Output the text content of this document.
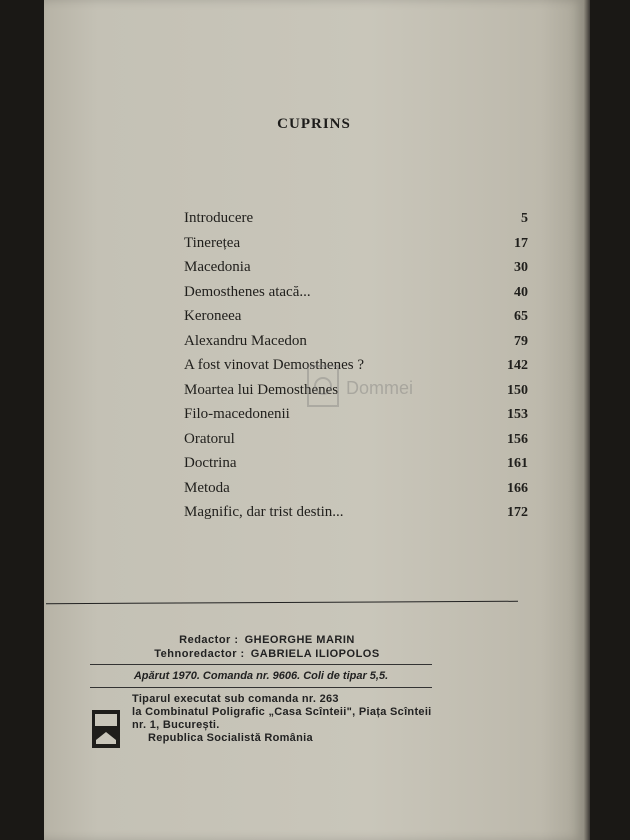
CUPRINS
Introducere	5
Tinerețea	17
Macedonia	30
Demosthenes atacă...	40
Keroneea	65
Alexandru Macedon	79
A fost vinovat Demosthenes ?	142
Moartea lui Demosthenes	150
Filo-macedonenii	153
Oratorul	156
Doctrina	161
Metoda	166
Magnific, dar trist destin...	172
Dommei
Redactor : GHEORGHE MARIN
Tehnoredactor : GABRIELA ILIOPOLOS
Apărut 1970. Comanda nr. 9606. Coli de tipar 5,5.
Tiparul executat sub comanda nr. 263
la Combinatul Poligrafic „Casa Scînteii", Piața Scînteii nr. 1, București.
Republica Socialistă România
